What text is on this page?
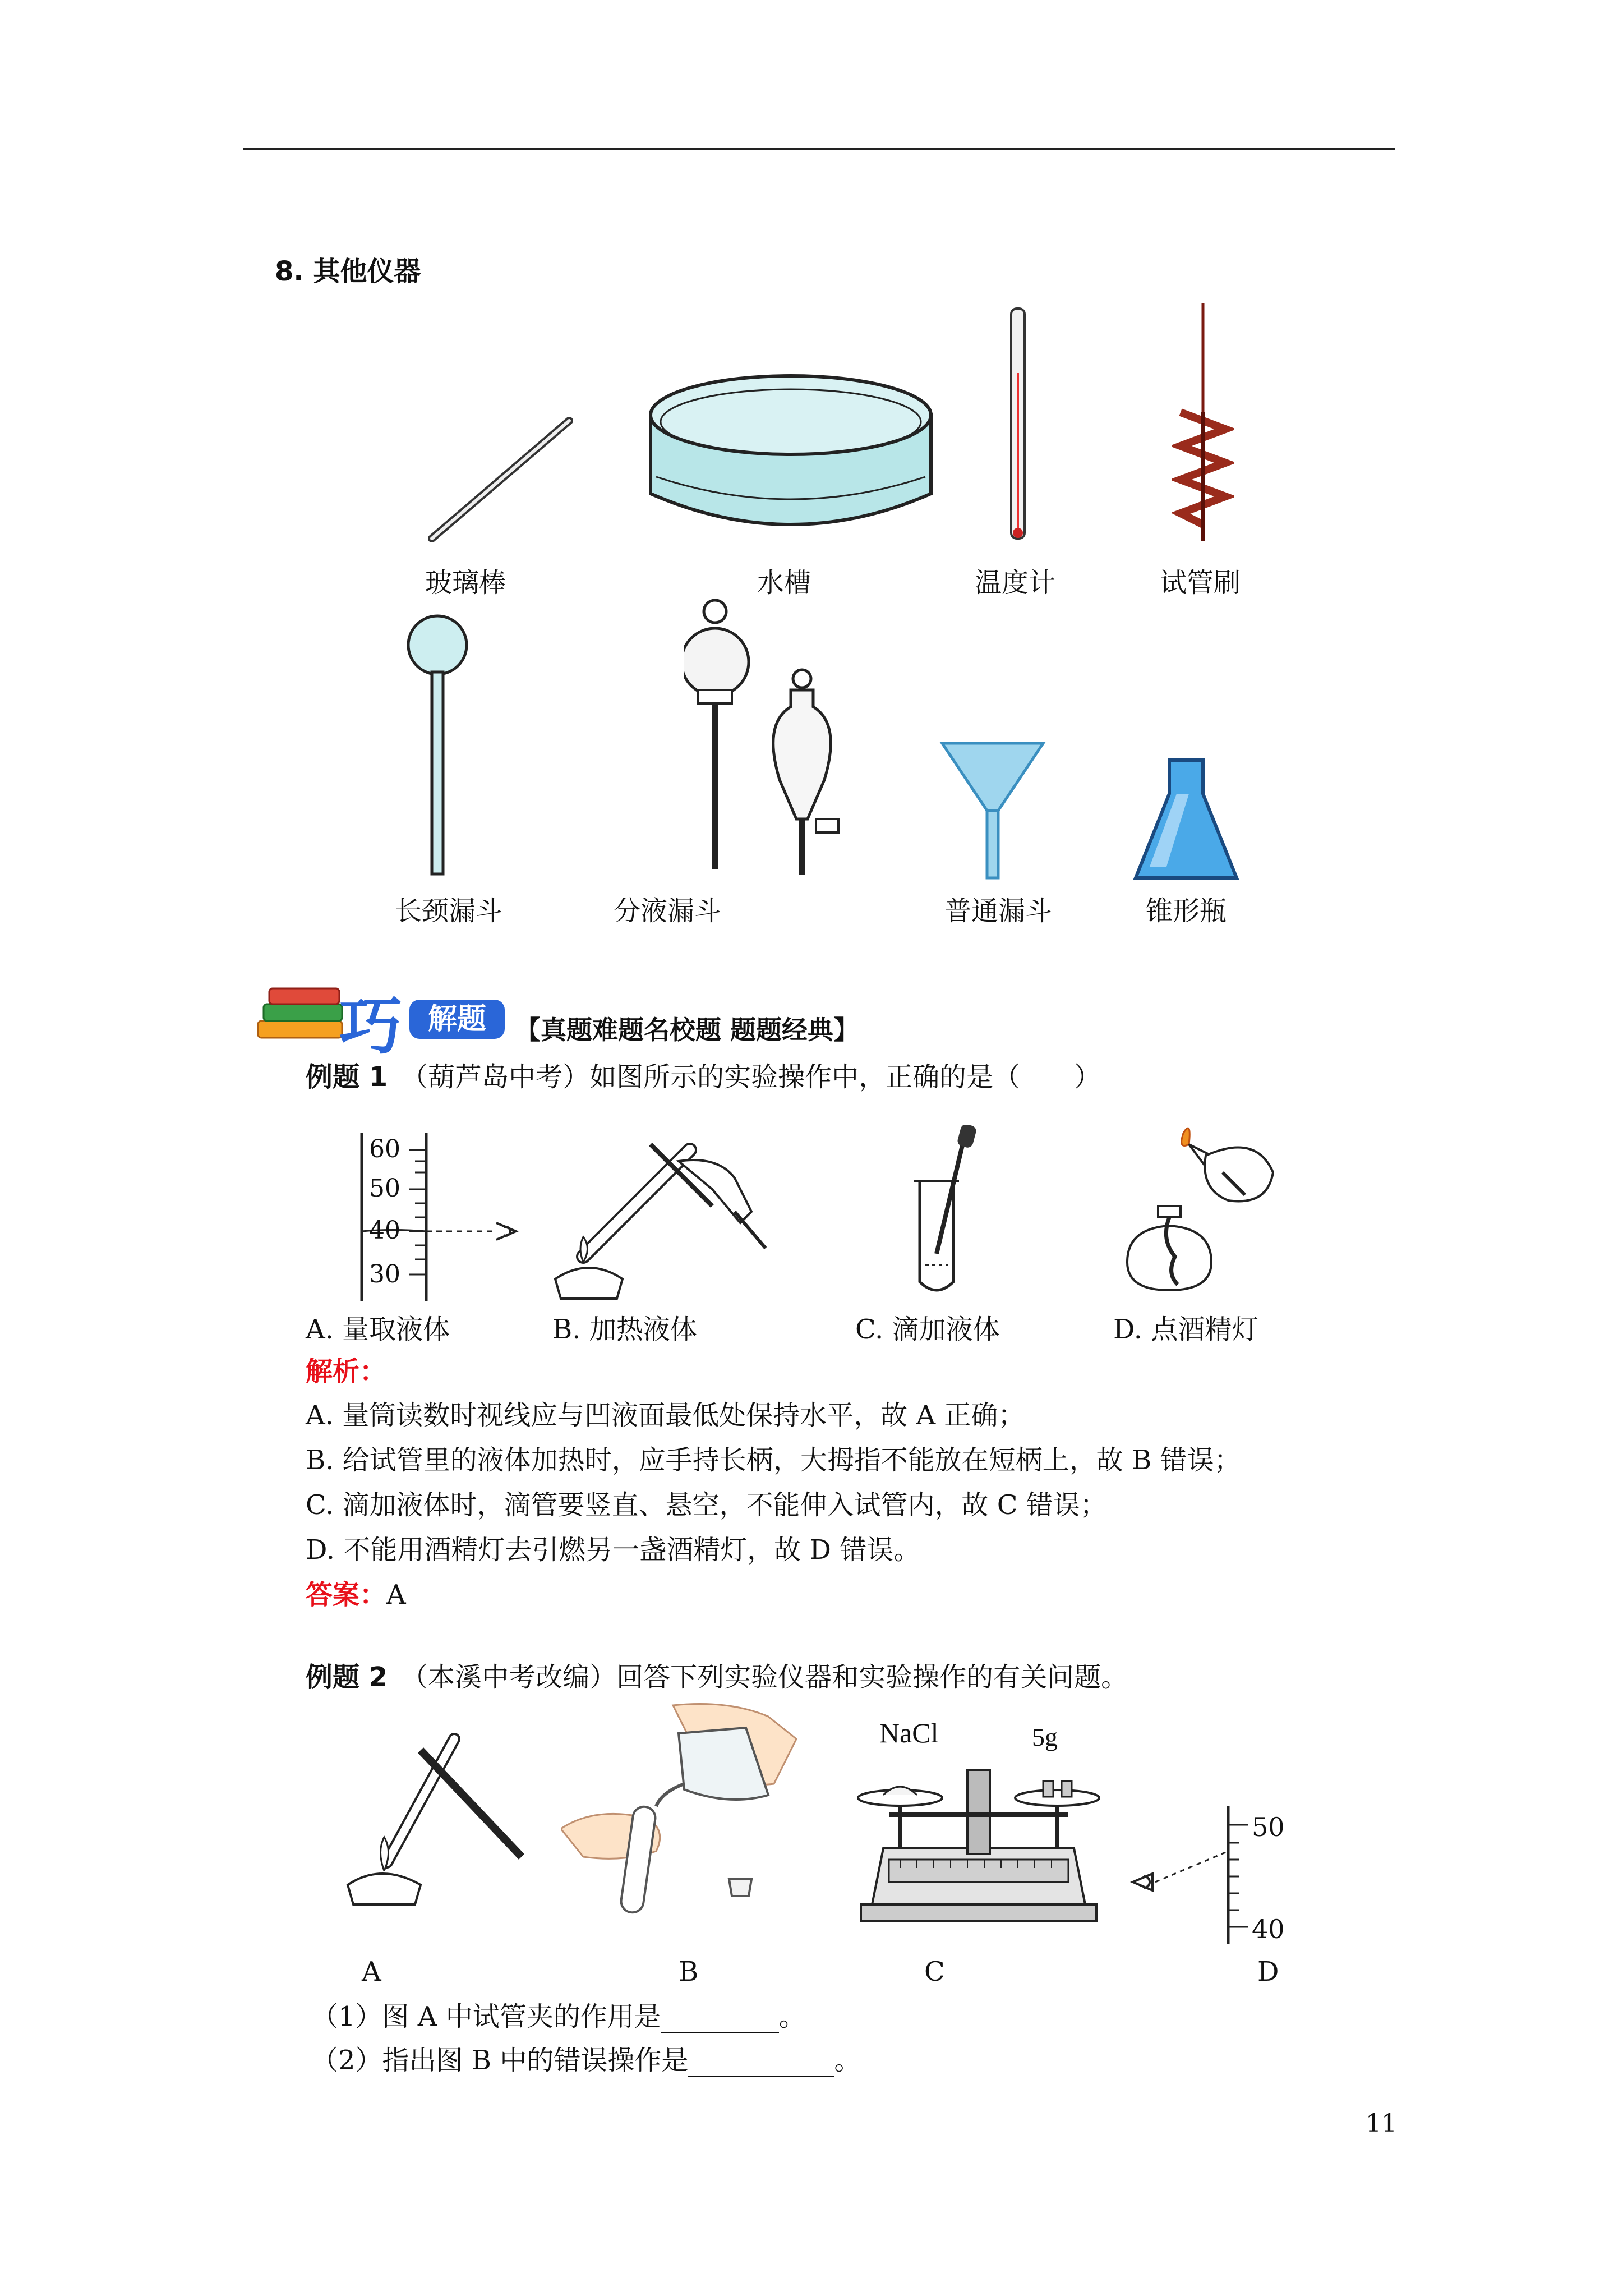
8. 其他仪器
玻璃棒	水槽	温度计	试管刷
长颈漏斗	分液漏斗	普通漏斗	锥形瓶
巧 解题	【真题难题名校题 题题经典】
例题 1　 （葫芦岛中考）如图所示的实验操作中，正确的是（　　）
60
50
40
30
A. 量取液体	B. 加热液体	C. 滴加液体	D. 点酒精灯
解析：
A. 量筒读数时视线应与凹液面最低处保持水平，故 A 正确；
B. 给试管里的液体加热时，应手持长柄，大拇指不能放在短柄上，故 B 错误；
C. 滴加液体时，滴管要竖直、悬空，不能伸入试管内，故 C 错误；
D. 不能用酒精灯去引燃另一盏酒精灯，故 D 错误。
答案：A
例题 2　 （本溪中考改编）回答下列实验仪器和实验操作的有关问题。
NaCl	5g
50
40
A	B	C	D
（1）图 A 中试管夹的作用是	。
（2）指出图 B 中的错误操作是	。
11
